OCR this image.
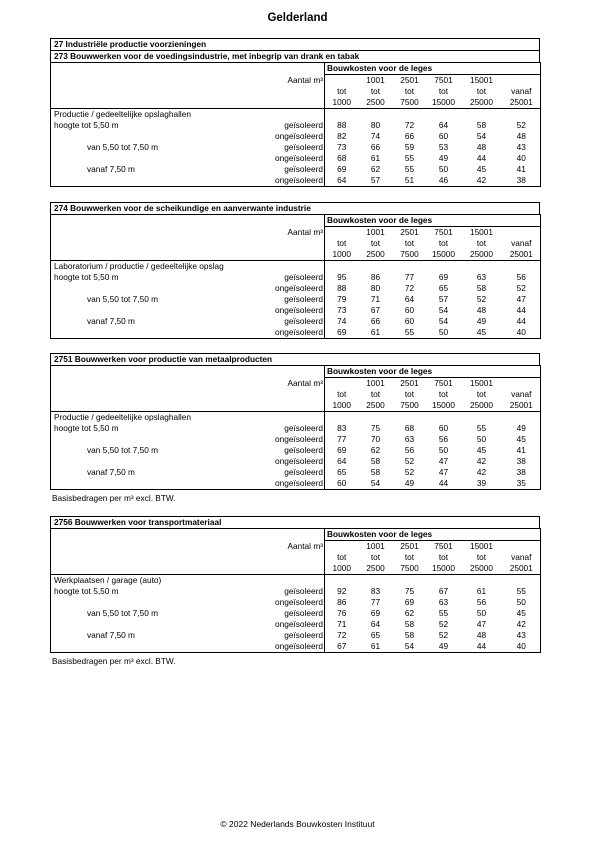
Gelderland
27 Industriële productie voorzieningen
273 Bouwwerken voor de voedingsindustrie, met inbegrip van drank en tabak
		Bouwkosten voor de leges					
	Aantal m³		1001	2501	7501	15001	
		tot	tot	tot	tot	tot	vanaf
		1000	2500	7500	15000	25000	25001
Productie / gedeeltelijke opslaghallen							
hoogte tot 5,50 m	geïsoleerd	88	80	72	64	58	52
	ongeïsoleerd	82	74	66	60	54	48
van 5,50 tot 7,50 m	geïsoleerd	73	66	59	53	48	43
	ongeïsoleerd	68	61	55	49	44	40
vanaf 7,50 m	geïsoleerd	69	62	55	50	45	41
	ongeïsoleerd	64	57	51	46	42	38
274 Bouwwerken voor de scheikundige en aanverwante industrie
		Bouwkosten voor de leges					
	Aantal m³		1001	2501	7501	15001	
		tot	tot	tot	tot	tot	vanaf
		1000	2500	7500	15000	25000	25001
Laboratorium / productie / gedeeltelijke opslag							
hoogte tot 5,50 m	geïsoleerd	95	86	77	69	63	56
	ongeïsoleerd	88	80	72	65	58	52
van 5,50 tot 7,50 m	geïsoleerd	79	71	64	57	52	47
	ongeïsoleerd	73	67	60	54	48	44
vanaf 7,50 m	geïsoleerd	74	66	60	54	49	44
	ongeïsoleerd	69	61	55	50	45	40
2751 Bouwwerken voor productie van metaalproducten
		Bouwkosten voor de leges					
	Aantal m³		1001	2501	7501	15001	
		tot	tot	tot	tot	tot	vanaf
		1000	2500	7500	15000	25000	25001
Productie / gedeeltelijke opslaghallen							
hoogte tot 5,50 m	geïsoleerd	83	75	68	60	55	49
	ongeïsoleerd	77	70	63	56	50	45
van 5,50 tot 7,50 m	geïsoleerd	69	62	56	50	45	41
	ongeïsoleerd	64	58	52	47	42	38
vanaf 7,50 m	geïsoleerd	65	58	52	47	42	38
	ongeïsoleerd	60	54	49	44	39	35
Basisbedragen per m³ excl. BTW.
2756 Bouwwerken voor transportmateriaal
		Bouwkosten voor de leges					
	Aantal m³		1001	2501	7501	15001	
		tot	tot	tot	tot	tot	vanaf
		1000	2500	7500	15000	25000	25001
Werkplaatsen / garage (auto)							
hoogte tot 5,50 m	geïsoleerd	92	83	75	67	61	55
	ongeïsoleerd	86	77	69	63	56	50
van 5,50 tot 7,50 m	geïsoleerd	76	69	62	55	50	45
	ongeïsoleerd	71	64	58	52	47	42
vanaf 7,50 m	geïsoleerd	72	65	58	52	48	43
	ongeïsoleerd	67	61	54	49	44	40
Basisbedragen per m³ excl. BTW.
© 2022 Nederlands Bouwkosten Instituut
